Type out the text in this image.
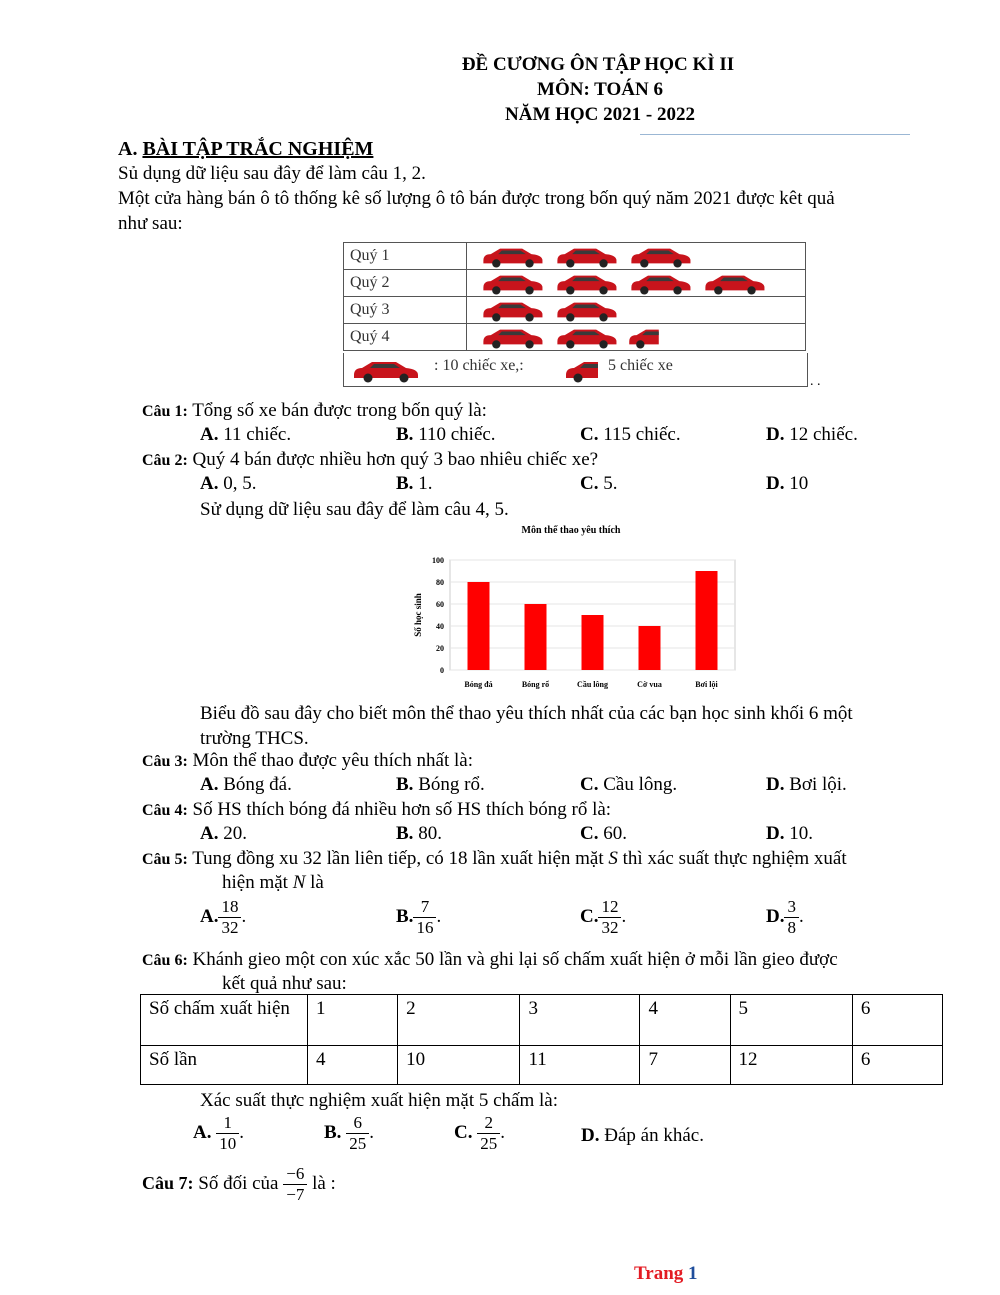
ĐỀ CƯƠNG ÔN TẬP HỌC KÌ II
MÔN: TOÁN 6
NĂM HỌC 2021 - 2022
A. BÀI TẬP TRẮC NGHIỆM
Sủ dụng dữ liệu sau đây để làm câu 1, 2.
Một cửa hàng bán ô tô thống kê số lượng ô tô bán được trong bốn quý năm 2021 được kêt quả
như sau:
Quý 1	
Quý 2	
Quý 3	
Quý 4	
: 10 chiếc xe,:	5 chiếc xe
. .
Câu 1: Tổng số xe bán được trong bốn quý là:
A. 11 chiếc.	B. 110 chiếc.	C. 115 chiếc.	D. 12 chiếc.
Câu 2: Quý 4 bán được nhiều hơn quý 3 bao nhiêu chiếc xe?
A. 0, 5.	B. 1.	C. 5.	D. 10
Sử dụng dữ liệu sau đây để làm câu 4, 5.
Môn thể thao yêu thích
0
20
40
60
80
100
Số học sinh
Bóng đá	Bóng rổ	Cầu lông	Cờ vua	Bơi lội
Biểu đồ sau đây cho biết môn thể thao yêu thích nhất của các bạn học sinh khối 6 một
trường THCS.
Câu 3: Môn thể thao được yêu thích nhất là:
A. Bóng đá.	B. Bóng rổ.	C. Cầu lông.	D. Bơi lội.
Câu 4: Số HS thích bóng đá nhiều hơn số HS thích bóng rổ là:
A. 20.	B. 80.	C. 60.	D. 10.
Câu 5: Tung đồng xu 32 lần liên tiếp, có 18 lần xuất hiện mặt S thì xác suất thực nghiệm xuất
hiện mặt N là
A. $\frac{18}{32}$ .	B. $\frac{7}{16}$ .	C. $\frac{12}{32}$ .	D. $\frac{3}{8}$ .
Câu 6: Khánh gieo một con xúc xắc 50 lần và ghi lại số chấm xuất hiện ở mỗi lần gieo được
kết quả như sau:
Số chấm xuất hiện	1	2	3	4	5	6
Số lần	4	10	11	7	12	6
Xác suất thực nghiệm xuất hiện mặt 5 chấm là:
A. $\frac{1}{10}$ .	B. $\frac{6}{25}$ .	C. $\frac{2}{25}$ .	D. Đáp án khác.
Câu 7: Số đối của $\frac{-6}{-7}$ là :
Trang 1
